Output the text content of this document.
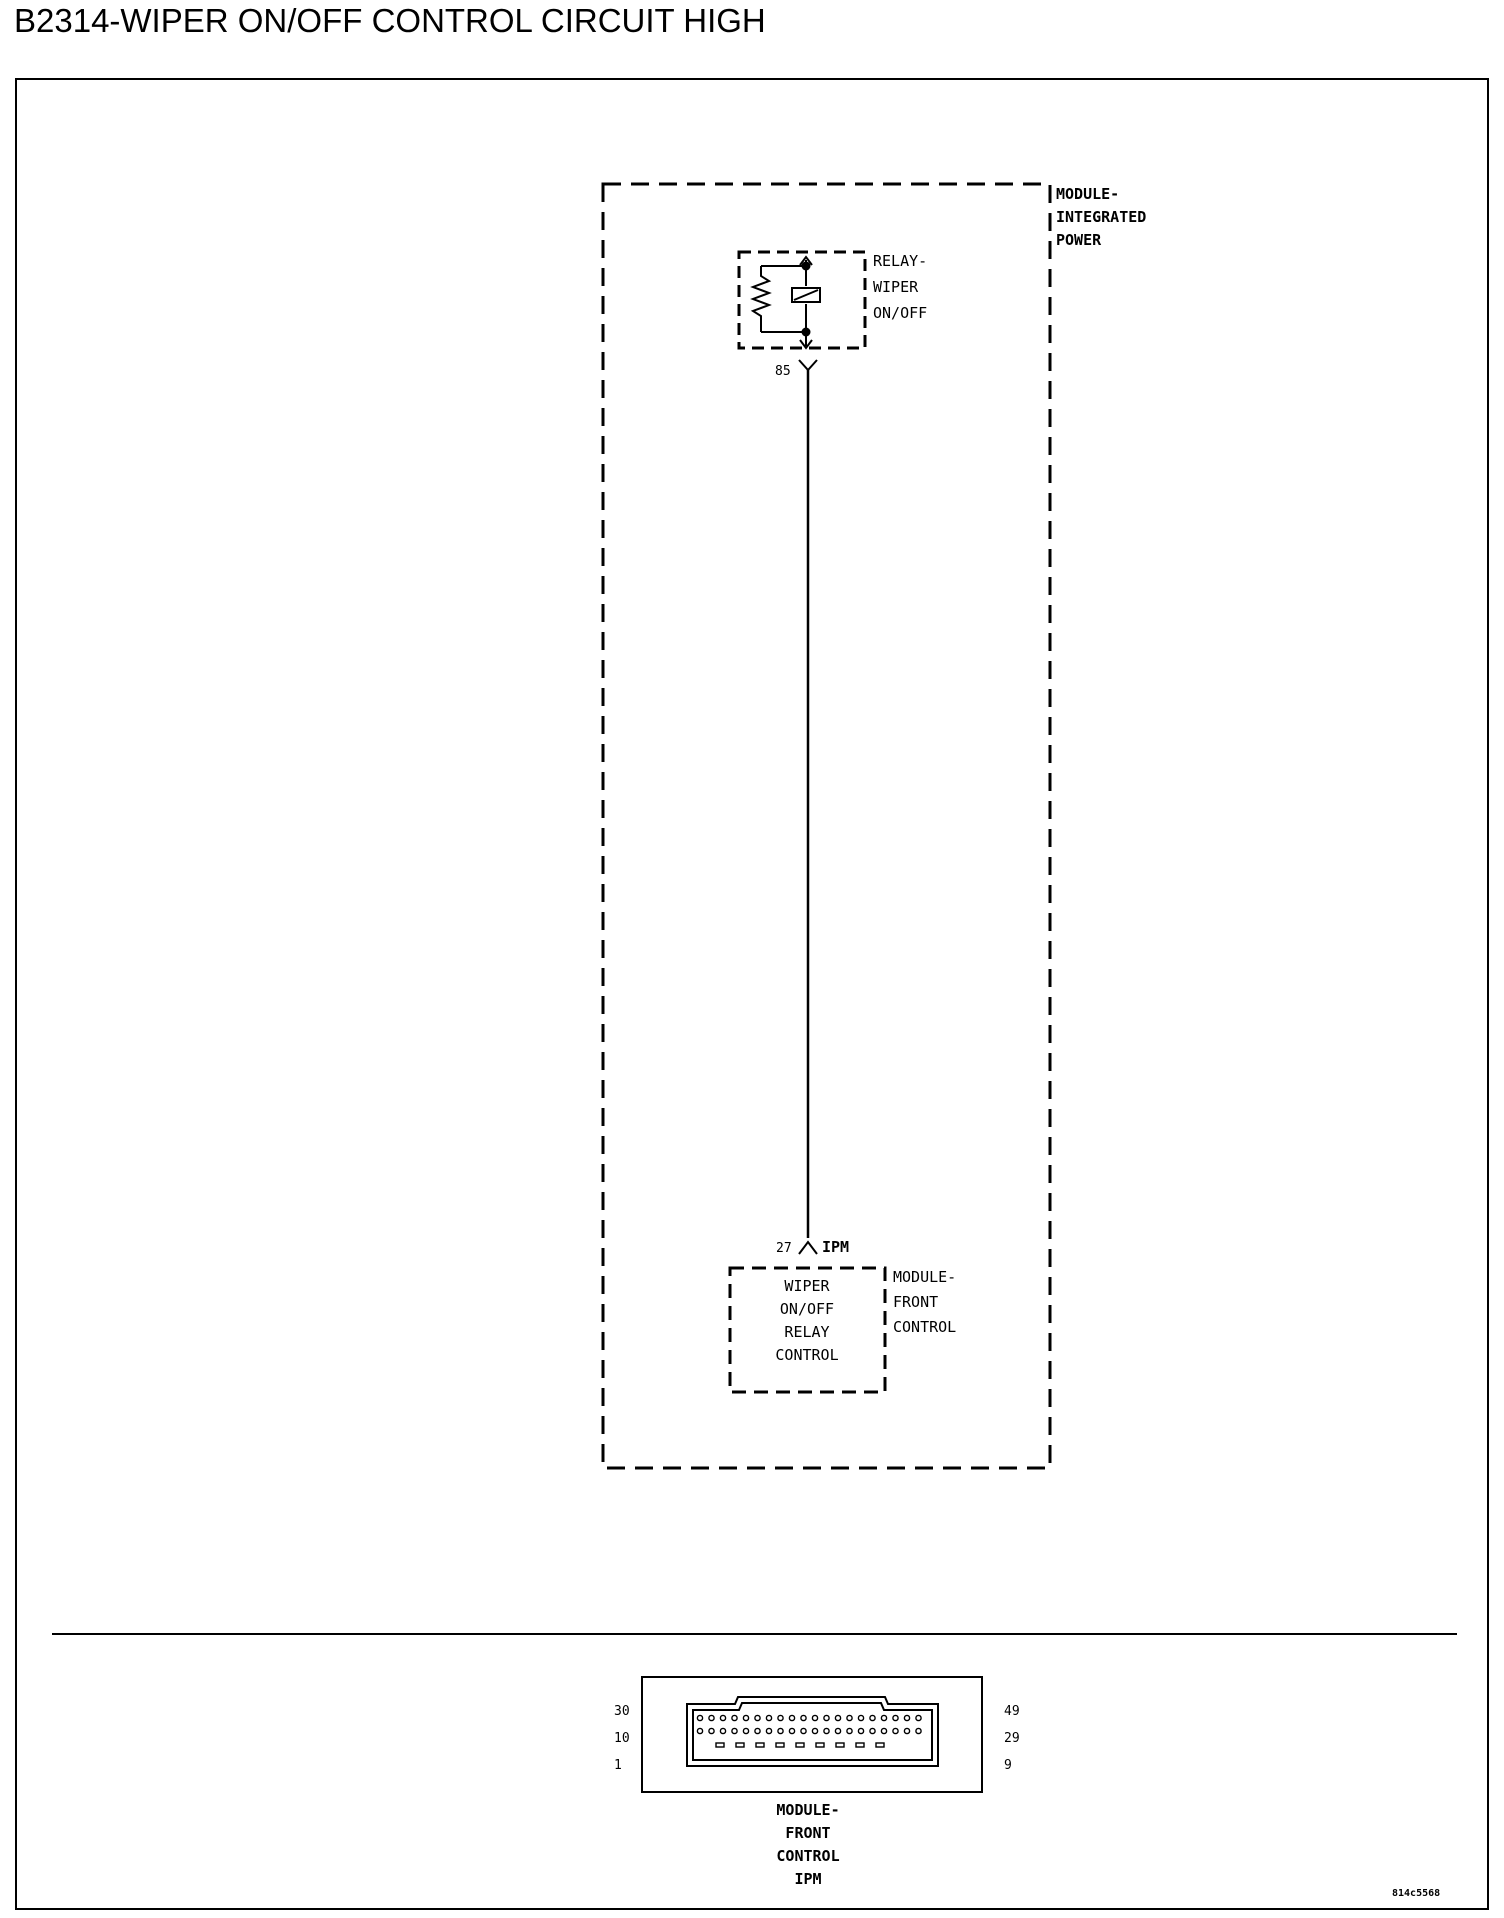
B2314-WIPER ON/OFF CONTROL CIRCUIT HIGH
MODULE-
INTEGRATED
POWER
RELAY-
WIPER
ON/OFF
85
27 IPM
WIPER
ON/OFF
RELAY
CONTROL
MODULE-
FRONT
CONTROL
30
10
1
49
29
9
MODULE-
FRONT
CONTROL
IPM
814c5568
